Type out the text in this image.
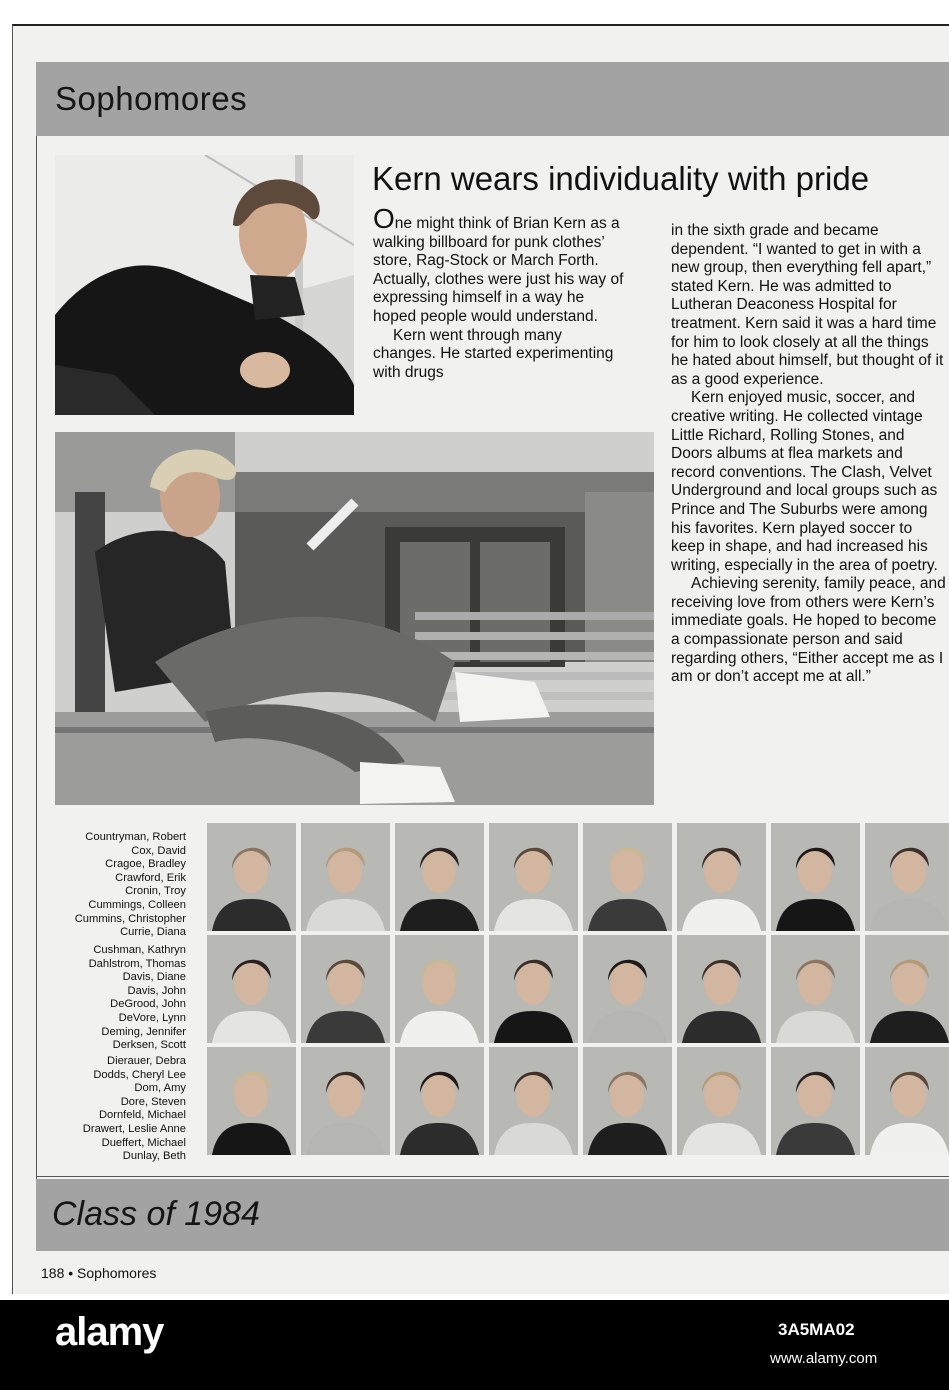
Sophomores
Kern wears individuality with pride

One might think of Brian Kern as a walking billboard for punk clothes’ store, Rag-Stock or March Forth. Actually, clothes were just his way of expressing himself in a way he hoped people would understand.

Kern went through many changes. He started experimenting with drugs

in the sixth grade and became dependent. “I wanted to get in with a new group, then everything fell apart,” stated Kern. He was admitted to Lutheran Deaconess Hospital for treatment. Kern said it was a hard time for him to look closely at all the things he hated about himself, but thought of it as a good experience.

Kern enjoyed music, soccer, and creative writing. He collected vintage Little Richard, Rolling Stones, and Doors albums at flea markets and record conventions. The Clash, Velvet Underground and local groups such as Prince and The Suburbs were among his favorites. Kern played soccer to keep in shape, and had increased his writing, especially in the area of poetry.

Achieving serenity, family peace, and receiving love from others were Kern’s immediate goals. He hoped to become a compassionate person and said regarding others, “Either accept me as I am or don’t accept me at all.”

Countryman, Robert
Cox, David
Cragoe, Bradley
Crawford, Erik
Cronin, Troy
Cummings, Colleen
Cummins, Christopher
Currie, Diana
Cushman, Kathryn
Dahlstrom, Thomas
Davis, Diane
Davis, John
DeGrood, John
DeVore, Lynn
Deming, Jennifer
Derksen, Scott
Dierauer, Debra
Dodds, Cheryl Lee
Dom, Amy
Dore, Steven
Dornfeld, Michael
Drawert, Leslie Anne
Dueffert, Michael
Dunlay, Beth
Class of 1984
188 • Sophomores
alamy	3A5MA02
www.alamy.com
